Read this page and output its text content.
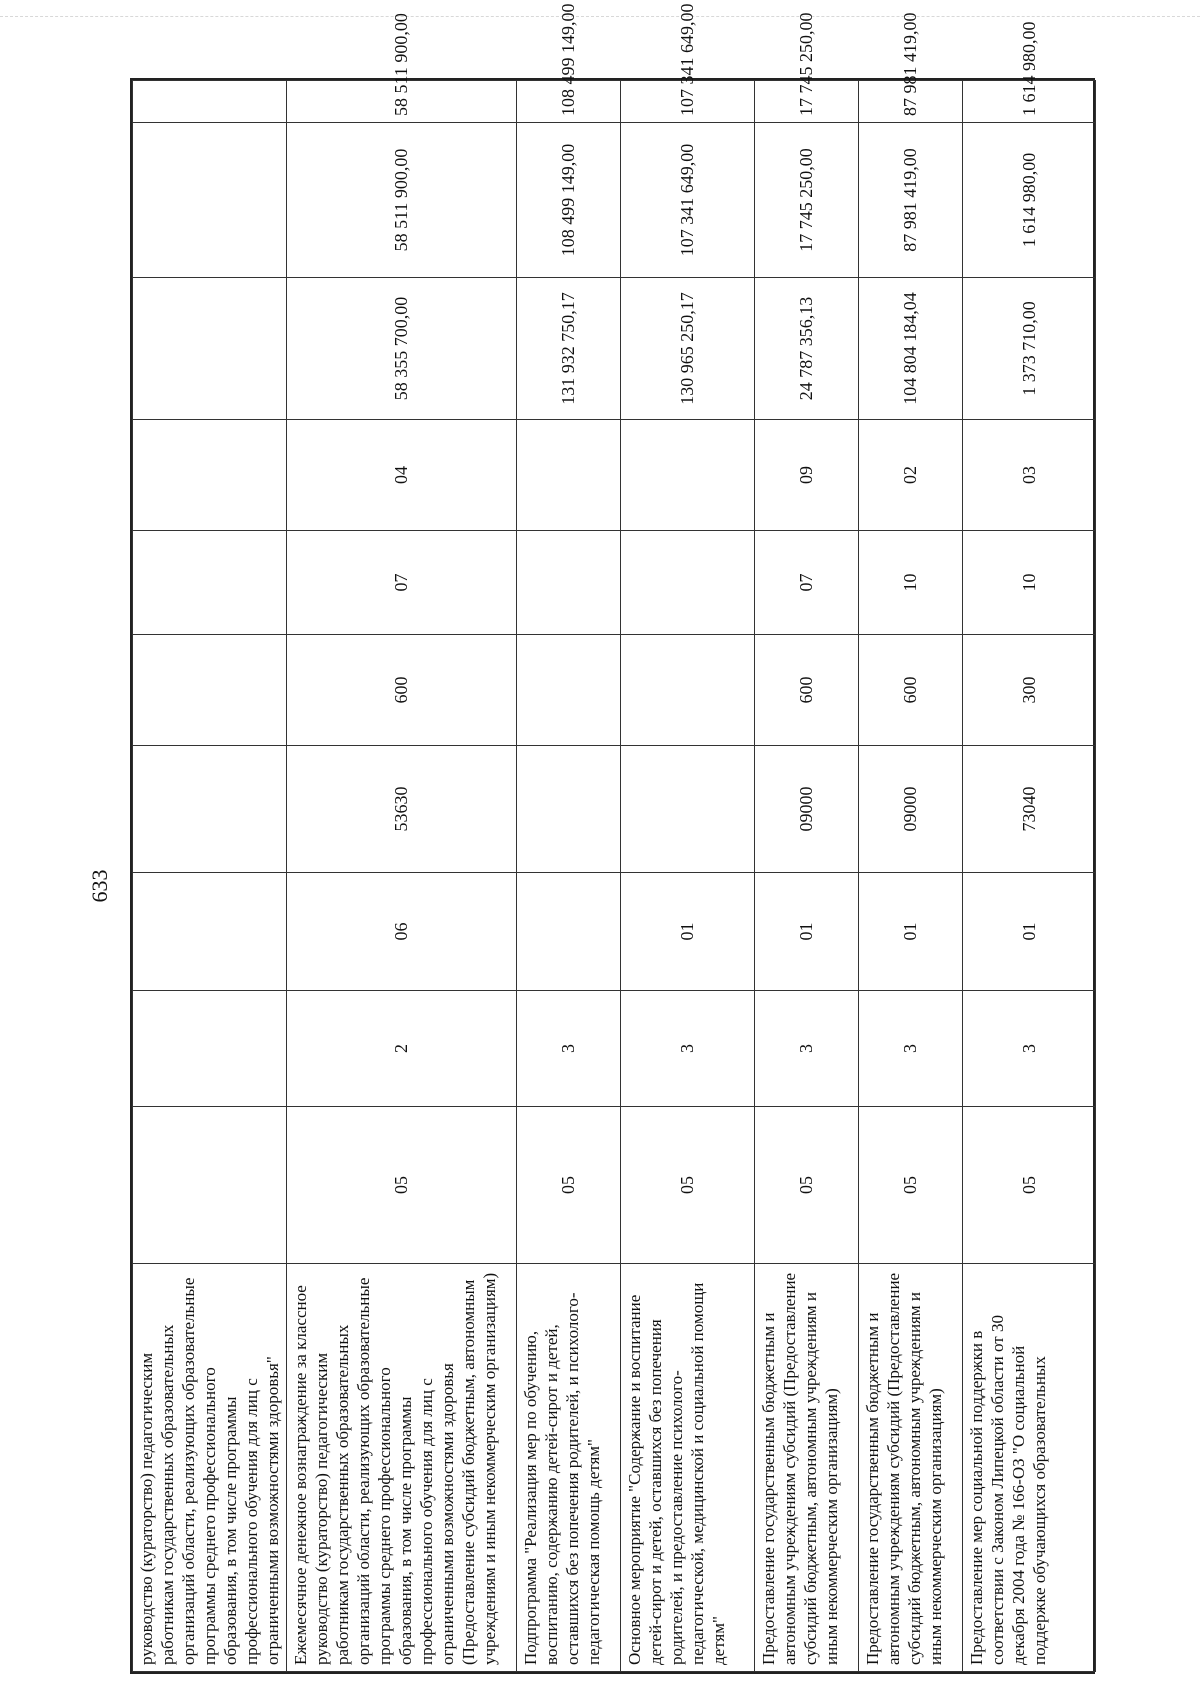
633
руководство (кураторство) педагогическим работникам государственных образовательных организаций области, реализующих образовательные программы среднего профессионального образования, в том числе программы профессионального обучения для лиц с ограниченными возможностями здоровья"										
Ежемесячное денежное вознаграждение за классное руководство (кураторство) педагогическим работникам государственных образовательных организаций области, реализующих образовательные программы среднего профессионального образования, в том числе программы профессионального обучения для лиц с ограниченными возможностями здоровья (Предоставление субсидий бюджетным, автономным учреждениям и иным некоммерческим организациям)	05	2	06	53630	600	07	04	58 355 700,00	58 511 900,00	58 511 900,00
Подпрограмма "Реализация мер по обучению, воспитанию, содержанию детей-сирот и детей, оставшихся без попечения родителей, и психолого-педагогическая помощь детям"	05	3						131 932 750,17	108 499 149,00	108 499 149,00
Основное мероприятие "Содержание и воспитание детей-сирот и детей, оставшихся без попечения родителей, и предоставление психолого-педагогической, медицинской и социальной помощи детям"	05	3	01					130 965 250,17	107 341 649,00	107 341 649,00
Предоставление государственным бюджетным и автономным учреждениям субсидий (Предоставление субсидий бюджетным, автономным учреждениям и иным некоммерческим организациям)	05	3	01	09000	600	07	09	24 787 356,13	17 745 250,00	17 745 250,00
Предоставление государственным бюджетным и автономным учреждениям субсидий (Предоставление субсидий бюджетным, автономным учреждениям и иным некоммерческим организациям)	05	3	01	09000	600	10	02	104 804 184,04	87 981 419,00	87 981 419,00
Предоставление мер социальной поддержки в соответствии с Законом Липецкой области от 30 декабря 2004 года № 166-ОЗ "О социальной поддержке обучающихся образовательных	05	3	01	73040	300	10	03	1 373 710,00	1 614 980,00	1 614 980,00
